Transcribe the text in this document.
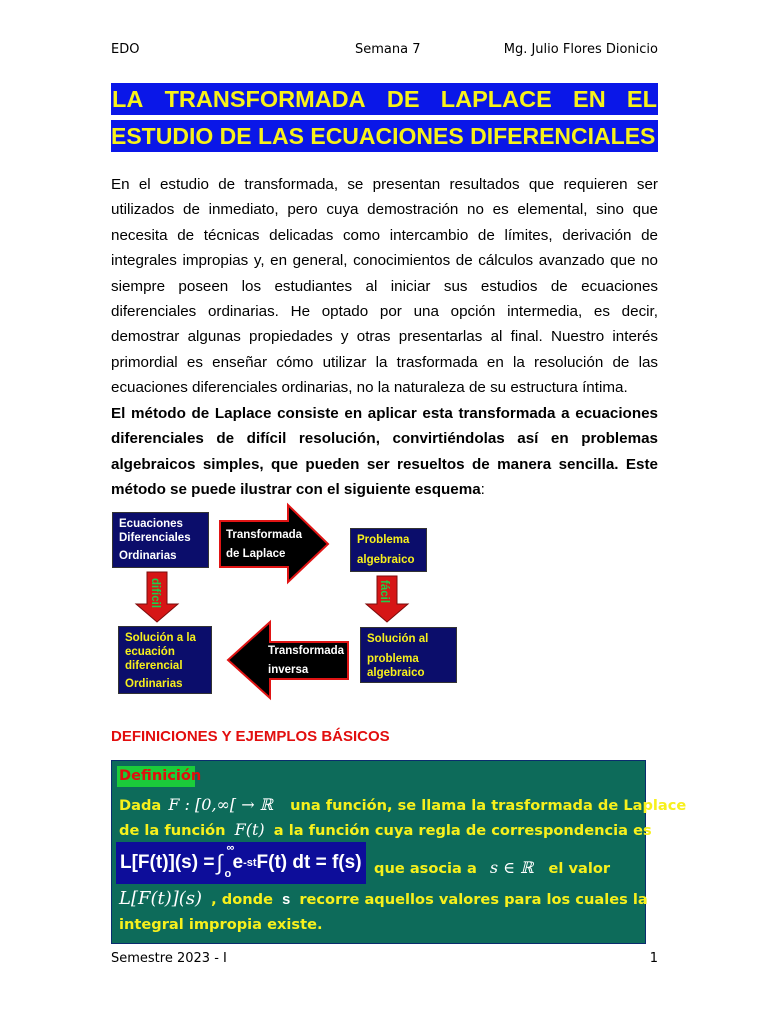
EDO	Semana 7	Mg. Julio Flores Dionicio
LA TRANSFORMADA DE LAPLACE EN EL
ESTUDIO DE LAS ECUACIONES DIFERENCIALES
En el estudio de transformada, se presentan resultados que requieren ser
utilizados de inmediato, pero cuya demostración no es elemental, sino que
necesita de técnicas delicadas como intercambio de límites, derivación de
integrales impropias y, en general, conocimientos de cálculos avanzado que no
siempre poseen los estudiantes al iniciar sus estudios de ecuaciones
diferenciales ordinarias. He optado por una opción intermedia, es decir,
demostrar algunas propiedades y otras presentarlas al final. Nuestro interés
primordial es enseñar cómo utilizar la trasformada en la resolución de las
ecuaciones diferenciales ordinarias, no la naturaleza de su estructura íntima.
El método de Laplace consiste en aplicar esta transformada a ecuaciones
diferenciales de difícil resolución, convirtiéndolas así en problemas
algebraicos simples, que pueden ser resueltos de manera sencilla. Este
método se puede ilustrar con el siguiente esquema:
Ecuaciones
Diferenciales
Ordinarias
Problema
algebraico
Solución a la
ecuación
diferencial
Ordinarias
Solución al
problema
algebraico
Transformada
de Laplace
difícil	fácil
Transformada
inversa
DEFINICIONES Y EJEMPLOS BÁSICOS
Definición
Dada F : [0,∞[ → ℝ una función, se llama la trasformada de Laplace
de la función F(t) a la función cuya regla de correspondencia es
L[F(t)](s) = ∫
∞
o
e -st F(t) dt = f(s) que asocia a s ∈ ℝ el valor
L[F(t)](s) , donde s recorre aquellos valores para los cuales la
integral impropia existe.
Semestre 2023 - I	1
